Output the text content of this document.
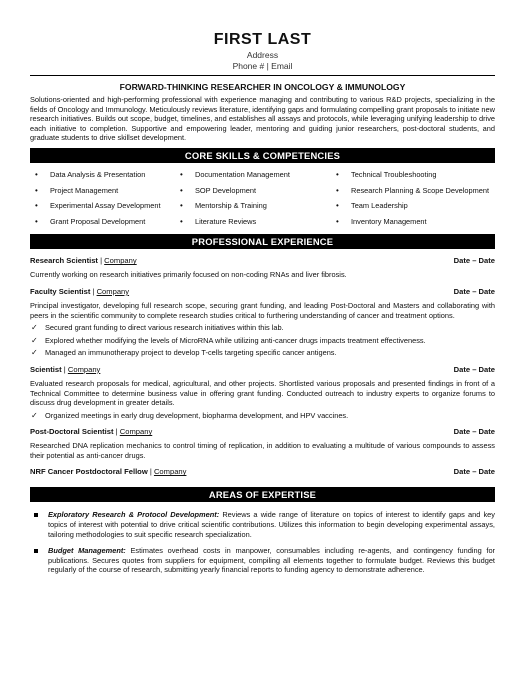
FIRST LAST
Address
Phone # | Email
FORWARD-THINKING RESEARCHER IN ONCOLOGY & IMMUNOLOGY
Solutions-oriented and high-performing professional with experience managing and contributing to various R&D projects, specializing in the fields of Oncology and Immunology. Meticulously reviews literature, identifying gaps and formulating compelling grant proposals to initiate new research initiatives. Builds out scope, budget, timelines, and establishes all assays and protocols, while leveraging unifying leadership to drive each initiative to completion. Supportive and empowering leader, mentoring and guiding junior researchers, post-doctoral students, and graduate students to drive skillset development.
CORE SKILLS & COMPETENCIES
• Data Analysis & Presentation	• Documentation Management	• Technical Troubleshooting
• Project Management	• SOP Development	• Research Planning & Scope Development
• Experimental Assay Development	• Mentorship & Training	• Team Leadership
• Grant Proposal Development	• Literature Reviews	• Inventory Management
PROFESSIONAL EXPERIENCE
Research Scientist | Company	Date – Date
Currently working on research initiatives primarily focused on non-coding RNAs and liver fibrosis.
Faculty Scientist | Company	Date – Date
Principal investigator, developing full research scope, securing grant funding, and leading Post-Doctoral and Masters and collaborating with peers in the scientific community to complete research studies critical to furthering understanding of cancer and treatment options.
✓ Secured grant funding to direct various research initiatives within this lab.
✓ Explored whether modifying the levels of MicroRNA while utilizing anti-cancer drugs impacts treatment effectiveness.
✓ Managed an immunotherapy project to develop T-cells targeting specific cancer antigens.
Scientist | Company	Date – Date
Evaluated research proposals for medical, agricultural, and other projects. Shortlisted various proposals and presented findings in front of a Technical Committee to determine business value in offering grant funding. Conducted outreach to industry experts to organize forums to discuss drug development in greater details.
✓ Organized meetings in early drug development, biopharma development, and HPV vaccines.
Post-Doctoral Scientist | Company	Date – Date
Researched DNA replication mechanics to control timing of replication, in addition to evaluating a multitude of various compounds to assess their potential as anti-cancer drugs.
NRF Cancer Postdoctoral Fellow | Company	Date – Date
AREAS OF EXPERTISE
Exploratory Research & Protocol Development: Reviews a wide range of literature on topics of interest to identify gaps and key topics of interest with potential to drive critical scientific contributions. Utilizes this information to begin developing experimental assays, tailoring methodologies to suit specific research specialization.
Budget Management: Estimates overhead costs in manpower, consumables including re-agents, and contingency funding for publications. Secures quotes from suppliers for equipment, compiling all elements together to formulate budget. Reviews this budget regularly of the course of research, submitting yearly financial reports to funding agency to demonstrate adherence.
